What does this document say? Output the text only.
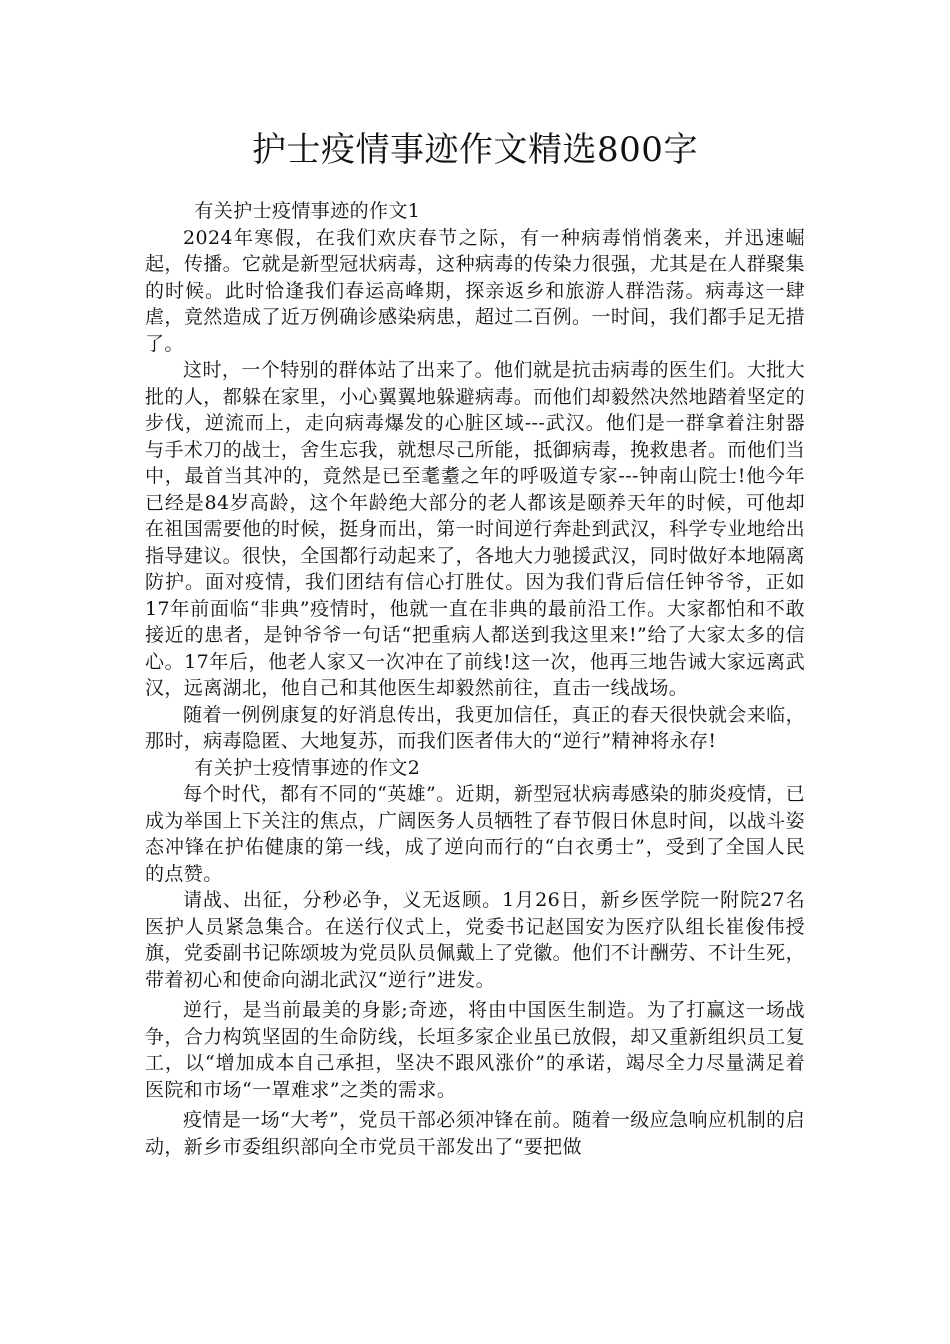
护士疫情事迹作文精选800字

有关护士疫情事迹的作文1

2024年寒假，在我们欢庆春节之际，有一种病毒悄悄袭来，并迅速崛起，传播。它就是新型冠状病毒，这种病毒的传染力很强，尤其是在人群聚集的时候。此时恰逢我们春运高峰期，探亲返乡和旅游人群浩荡。病毒这一肆虐，竟然造成了近万例确诊感染病患，超过二百例。一时间，我们都手足无措了。

这时，一个特别的群体站了出来了。他们就是抗击病毒的医生们。大批大批的人，都躲在家里，小心翼翼地躲避病毒。而他们却毅然决然地踏着坚定的步伐，逆流而上，走向病毒爆发的心脏区域---武汉。他们是一群拿着注射器与手术刀的战士，舍生忘我，就想尽己所能，抵御病毒，挽救患者。而他们当中，最首当其冲的，竟然是已至耄耋之年的呼吸道专家---钟南山院士!他今年已经是84岁高龄，这个年龄绝大部分的老人都该是颐养天年的时候，可他却在祖国需要他的时候，挺身而出，第一时间逆行奔赴到武汉，科学专业地给出指导建议。很快，全国都行动起来了，各地大力驰援武汉，同时做好本地隔离防护。面对疫情，我们团结有信心打胜仗。因为我们背后信任钟爷爷，正如17年前面临“非典”疫情时，他就一直在非典的最前沿工作。大家都怕和不敢接近的患者，是钟爷爷一句话“把重病人都送到我这里来!”给了大家太多的信心。17年后，他老人家又一次冲在了前线!这一次，他再三地告诫大家远离武汉，远离湖北，他自己和其他医生却毅然前往，直击一线战场。

随着一例例康复的好消息传出，我更加信任，真正的春天很快就会来临，那时，病毒隐匿、大地复苏，而我们医者伟大的“逆行”精神将永存!

有关护士疫情事迹的作文2

每个时代，都有不同的“英雄”。近期，新型冠状病毒感染的肺炎疫情，已成为举国上下关注的焦点，广阔医务人员牺牲了春节假日休息时间，以战斗姿态冲锋在护佑健康的第一线，成了逆向而行的“白衣勇士”，受到了全国人民的点赞。

请战、出征，分秒必争，义无返顾。1月26日，新乡医学院一附院27名医护人员紧急集合。在送行仪式上，党委书记赵国安为医疗队组长崔俊伟授旗，党委副书记陈颂坡为党员队员佩戴上了党徽。他们不计酬劳、不计生死，带着初心和使命向湖北武汉“逆行”进发。

逆行，是当前最美的身影;奇迹，将由中国医生制造。为了打赢这一场战争，合力构筑坚固的生命防线，长垣多家企业虽已放假，却又重新组织员工复工，以“增加成本自己承担，坚决不跟风涨价”的承诺，竭尽全力尽量满足着医院和市场“一罩难求”之类的需求。

疫情是一场“大考”，党员干部必须冲锋在前。随着一级应急响应机制的启动，新乡市委组织部向全市党员干部发出了“要把做
